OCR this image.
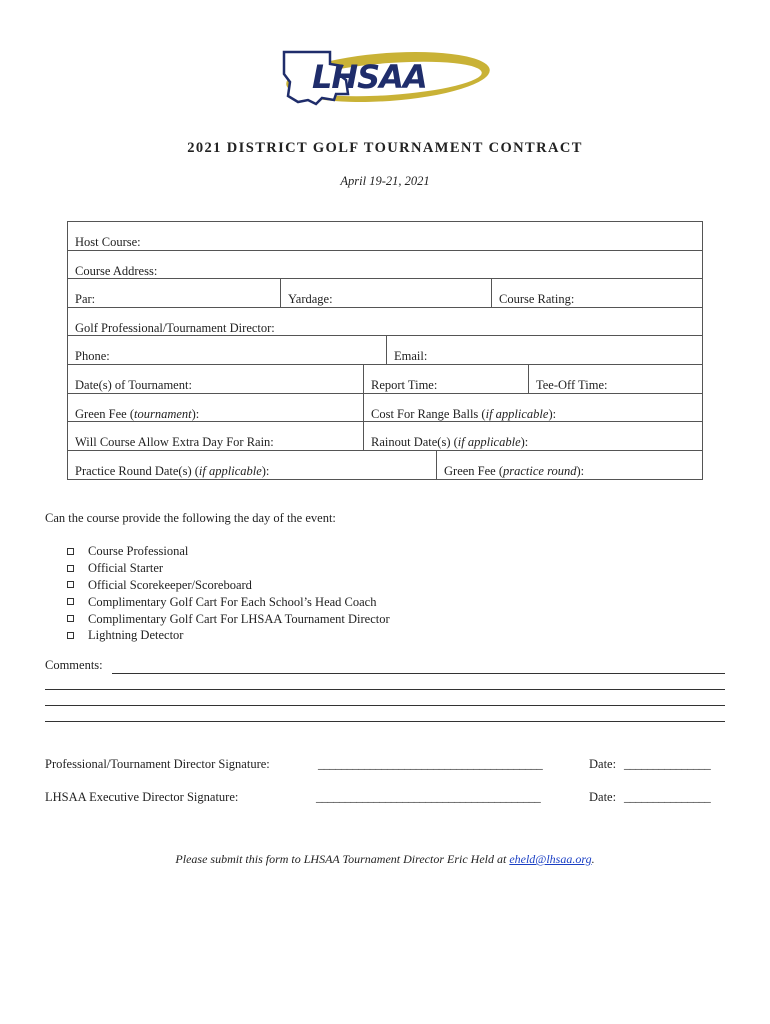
LHSAA
2021 DISTRICT GOLF TOURNAMENT CONTRACT
April 19-21, 2021
Host Course:
Course Address:
Par:	Yardage:	Course Rating:
Golf Professional/Tournament Director:
Phone:	Email:
Date(s) of Tournament:	Report Time:	Tee-Off Time:
Green Fee (tournament):	Cost For Range Balls (if applicable):
Will Course Allow Extra Day For Rain:	Rainout Date(s) (if applicable):
Practice Round Date(s) (if applicable):	Green Fee (practice round):
Can the course provide the following the day of the event:
Course Professional
Official Starter
Official Scorekeeper/Scoreboard
Complimentary Golf Cart For Each School’s Head Coach
Complimentary Golf Cart For LHSAA Tournament Director
Lightning Detector
Comments:
Professional/Tournament Director Signature:	_______________________________________	Date: _______________
LHSAA Executive Director Signature:	_______________________________________	Date: _______________
Please submit this form to LHSAA Tournament Director Eric Held at eheld@lhsaa.org.
